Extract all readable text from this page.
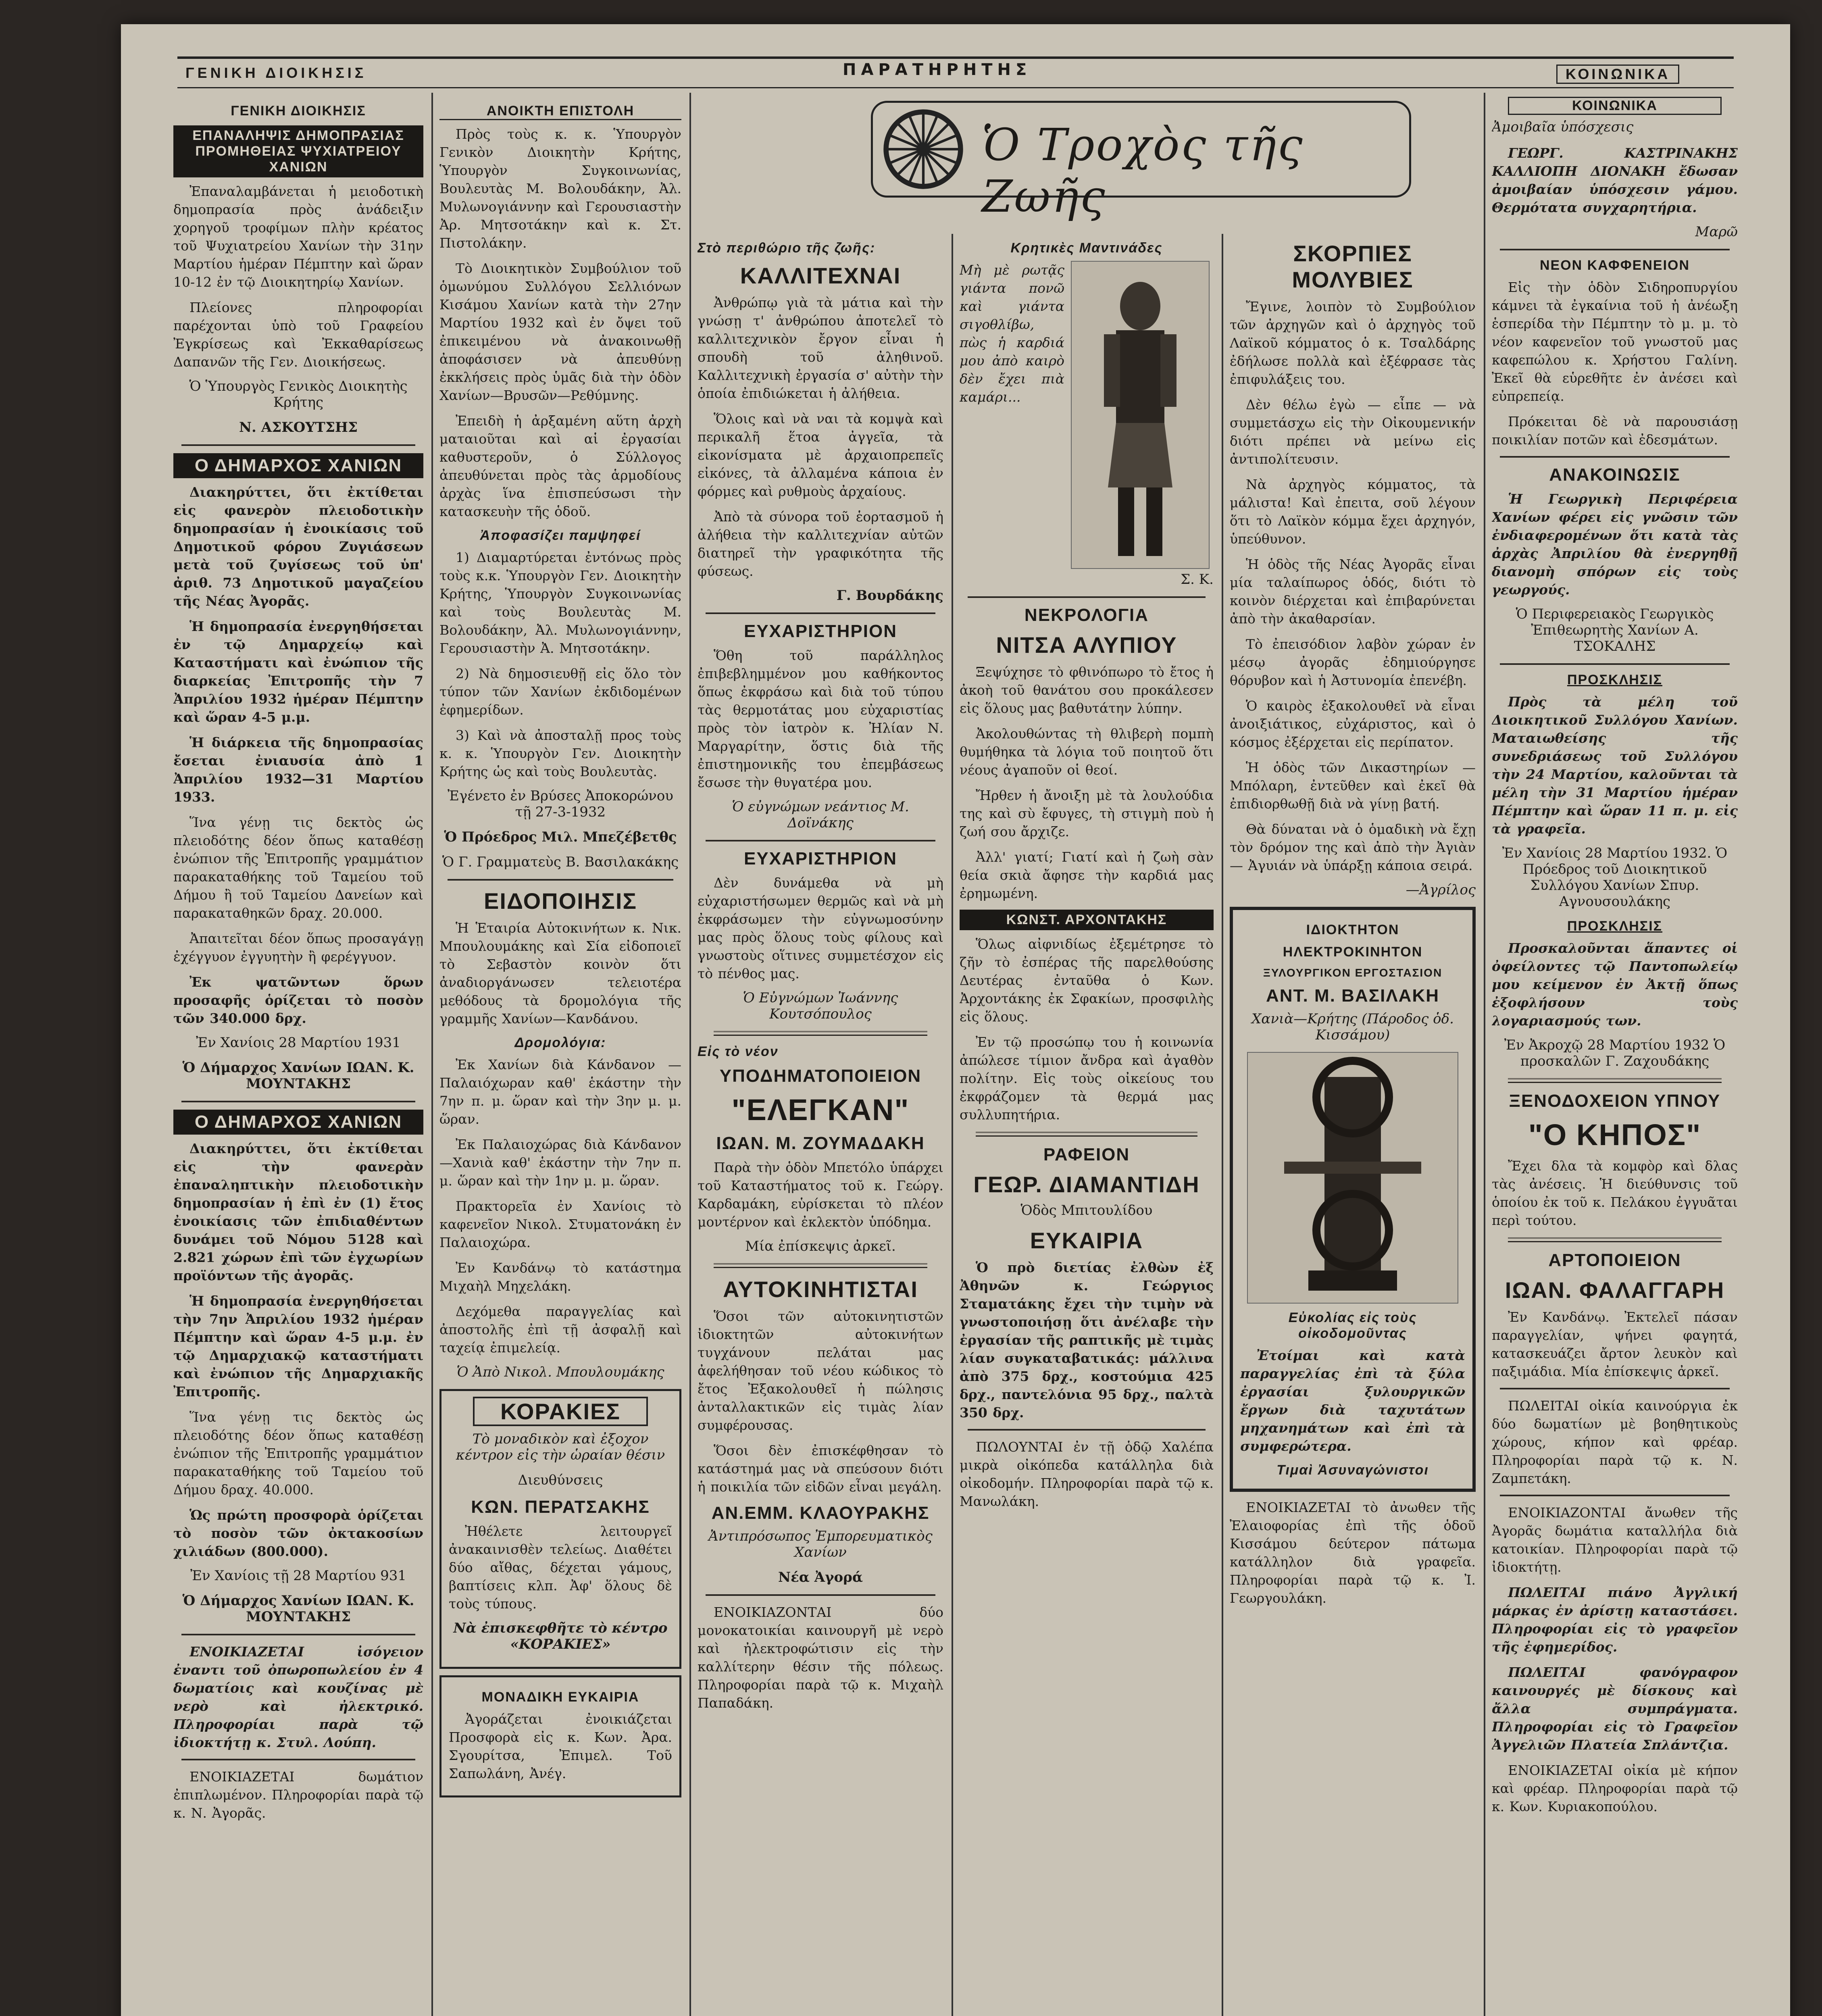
ΓΕΝΙΚΗ ΔΙΟΙΚΗΣΙΣ	ΠΑΡΑΤΗΡΗΤΗΣ	ΚΟΙΝΩΝΙΚΑ
Ὁ Τροχὸς τῆς Ζωῆς
ΓΕΝΙΚΗ ΔΙΟΙΚΗΣΙΣ
ΕΠΑΝΑΛΗΨΙΣ ΔΗΜΟΠΡΑΣΙΑΣ ΠΡΟΜΗΘΕΙΑΣ ΨΥΧΙΑΤΡΕΙΟΥ ΧΑΝΙΩΝ

Ἐπαναλαμβάνεται ἡ μειοδοτικὴ δημοπρασία πρὸς ἀνάδειξιν χορηγοῦ τροφίμων πλὴν κρέατος τοῦ Ψυχιατρείου Χανίων τὴν 31ην Μαρτίου ἡμέραν Πέμπτην καὶ ὥραν 10-12 ἐν τῷ Διοικητηρίῳ Χανίων.

Πλείονες πληροφορίαι παρέχονται ὑπὸ τοῦ Γραφείου Ἐγκρίσεως καὶ Ἐκκαθαρίσεως Δαπανῶν τῆς Γεν. Διοικήσεως.

Ὁ Ὑπουργὸς Γενικὸς Διοικητὴς Κρήτης
Ν. ΑΣΚΟΥΤΣΗΣ
Ο ΔΗΜΑΡΧΟΣ ΧΑΝΙΩΝ

Διακηρύττει, ὅτι ἐκτίθεται εἰς φανερὸν πλειοδοτικὴν δημοπρασίαν ἡ ἐνοικίασις τοῦ Δημοτικοῦ φόρου Ζυγιάσεων μετὰ τοῦ ζυγίσεως τοῦ ὑπ' ἀριθ. 73 Δημοτικοῦ μαγαζείου τῆς Νέας Ἀγορᾶς.

Ἡ δημοπρασία ἐνεργηθήσεται ἐν τῷ Δημαρχείῳ καὶ Καταστήματι καὶ ἐνώπιον τῆς διαρκείας Ἐπιτροπῆς τὴν 7 Ἀπριλίου 1932 ἡμέραν Πέμπτην καὶ ὥραν 4-5 μ.μ.

Ἡ διάρκεια τῆς δημοπρασίας ἔσεται ἐνιαυσία ἀπὸ 1 Ἀπριλίου 1932—31 Μαρτίου 1933.

Ἵνα γένῃ τις δεκτὸς ὡς πλειοδότης δέον ὅπως καταθέσῃ ἐνώπιον τῆς Ἐπιτροπῆς γραμμάτιον παρακαταθήκης τοῦ Ταμείου τοῦ Δήμου ἢ τοῦ Ταμείου Δανείων καὶ παρακαταθηκῶν δραχ. 20.000.

Ἀπαιτεῖται δέον ὅπως προσαγάγῃ ἐχέγγυον ἐγγυητὴν ἢ φερέγγυον.

Ἐκ ψατῶντων ὅρων προσαφῆς ὁρίζεται τὸ ποσὸν τῶν 340.000 δρχ.

Ἐν Χανίοις 28 Μαρτίου 1931
Ὁ Δήμαρχος Χανίων ΙΩΑΝ. Κ. ΜΟΥΝΤΑΚΗΣ
Ο ΔΗΜΑΡΧΟΣ ΧΑΝΙΩΝ

Διακηρύττει, ὅτι ἐκτίθεται εἰς τὴν φανερὰν ἐπαναληπτικὴν πλειοδοτικὴν δημοπρασίαν ἡ ἐπὶ ἐν (1) ἔτος ἐνοικίασις τῶν ἐπιδιαθέντων δυνάμει τοῦ Νόμου 5128 καὶ 2.821 χώρων ἐπὶ τῶν ἐγχωρίων προϊόντων τῆς ἀγορᾶς.

Ἡ δημοπρασία ἐνεργηθήσεται τὴν 7ην Ἀπριλίου 1932 ἡμέραν Πέμπτην καὶ ὥραν 4-5 μ.μ. ἐν τῷ Δημαρχιακῷ καταστήματι καὶ ἐνώπιον τῆς Δημαρχιακῆς Ἐπιτροπῆς.

Ἵνα γένῃ τις δεκτὸς ὡς πλειοδότης δέον ὅπως καταθέσῃ ἐνώπιον τῆς Ἐπιτροπῆς γραμμάτιον παρακαταθήκης τοῦ Ταμείου τοῦ Δήμου δραχ. 40.000.

Ὡς πρώτη προσφορὰ ὁρίζεται τὸ ποσὸν τῶν ὀκτακοσίων χιλιάδων (800.000).

Ἐν Χανίοις τῇ 28 Μαρτίου 931
Ὁ Δήμαρχος Χανίων ΙΩΑΝ. Κ. ΜΟΥΝΤΑΚΗΣ

ΕΝΟΙΚΙΑΖΕΤΑΙ ἰσόγειον ἐναντι τοῦ ὀπωροπωλείου ἐν 4 δωματίοις καὶ κουζίνας μὲ νερὸ καὶ ἠλεκτρικό. Πληροφορίαι παρὰ τῷ ἰδιοκτήτῃ κ. Στυλ. Λούπη.

ΕΝΟΙΚΙΑΖΕΤΑΙ δωμάτιον ἐπιπλωμένον. Πληροφορίαι παρὰ τῷ κ. Ν. Ἀγορᾶς.

ΑΝΟΙΚΤΗ ΕΠΙΣΤΟΛΗ

Πρὸς τοὺς κ. κ. Ὑπουργὸν Γενικὸν Διοικητὴν Κρήτης, Ὑπουργὸν Συγκοινωνίας, Βουλευτὰς Μ. Βολουδάκην, Ἀλ. Μυλωνογιάννην καὶ Γερουσιαστὴν Ἀρ. Μητσοτάκην καὶ κ. Στ. Πιστολάκην.

Τὸ Διοικητικὸν Συμβούλιον τοῦ ὁμωνύμου Συλλόγου Σελλιόνων Κισάμου Χανίων κατὰ τὴν 27ην Μαρτίου 1932 καὶ ἐν ὄψει τοῦ ἐπικειμένου νὰ ἀνακοινωθῇ ἀποφάσισεν νὰ ἀπευθύνῃ ἐκκλήσεις πρὸς ὑμᾶς διὰ τὴν ὁδὸν Χανίων—Βρυσῶν—Ρεθύμνης.

Ἐπειδὴ ἡ ἀρξαμένη αὕτη ἀρχὴ ματαιοῦται καὶ αἱ ἐργασίαι καθυστεροῦν, ὁ Σύλλογος ἀπευθύνεται πρὸς τὰς ἁρμοδίους ἀρχὰς ἵνα ἐπισπεύσωσι τὴν κατασκευὴν τῆς ὁδοῦ.

Ἀποφασίζει παμψηφεί

1) Διαμαρτύρεται ἐντόνως πρὸς τοὺς κ.κ. Ὑπουργὸν Γεν. Διοικητὴν Κρήτης, Ὑπουργὸν Συγκοινωνίας καὶ τοὺς Βουλευτὰς Μ. Βολουδάκην, Ἀλ. Μυλωνογιάννην, Γερουσιαστὴν Ἀ. Μητσοτάκην.

2) Νὰ δημοσιευθῇ εἰς ὅλο τὸν τύπον τῶν Χανίων ἐκδιδομένων ἐφημερίδων.

3) Καὶ νὰ ἀποσταλῇ προς τοὺς κ. κ. Ὑπουργὸν Γεν. Διοικητὴν Κρήτης ὡς καὶ τοὺς Βουλευτὰς.

Ἐγένετο ἐν Βρύσες Ἀποκορώνου τῇ 27-3-1932
Ὁ Πρόεδρος Μιλ. Μπεζέβετθς
Ὁ Γ. Γραμματεὺς Β. Βασιλακάκης
ΕΙΔΟΠΟΙΗΣΙΣ

Ἡ Ἑταιρία Αὐτοκινήτων κ. Νικ. Μπουλουμάκης καὶ Σία εἰδοποιεῖ τὸ Σεβαστὸν κοινὸν ὅτι ἀναδιοργάνωσεν τελειοτέρα μεθόδους τὰ δρομολόγια τῆς γραμμῆς Χανίων—Κανδάνου.

Δρομολόγια:

Ἐκ Χανίων διὰ Κάνδανον — Παλαιόχωραν καθ' ἑκάστην τὴν 7ην π. μ. ὥραν καὶ τὴν 3ην μ. μ. ὥραν.

Ἐκ Παλαιοχώρας διὰ Κάνδανον—Χανιὰ καθ' ἑκάστην τὴν 7ην π. μ. ὥραν καὶ τὴν 1ην μ. μ. ὥραν.

Πρακτορεῖα ἐν Χανίοις τὸ καφενεῖον Νικολ. Στυματονάκη ἐν Παλαιοχώρα.

Ἐν Κανδάνῳ τὸ κατάστημα Μιχαὴλ Μηχελάκη.

Δεχόμεθα παραγγελίας καὶ ἀποστολῆς ἐπὶ τῇ ἀσφαλῇ καὶ ταχείᾳ ἐπιμελείᾳ.

Ὁ Ἀπὸ Νικολ. Μπουλουμάκης
ΚΟΡΑΚΙΕΣ
Τὸ μοναδικὸν καὶ ἐξοχον κέντρον εἰς τὴν ὡραίαν θέσιν
Διευθύνσεις
ΚΩΝ. ΠΕΡΑΤΣΑΚΗΣ

Ἠθέλετε λειτουργεῖ ἀνακαινισθὲν τελείως. Διαθέτει δύο αἴθας, δέχεται γάμους, βαπτίσεις κλπ. Ἀφ' ὅλους δὲ τοὺς τύπους.

Νὰ ἐπισκεφθῆτε τὸ κέντρο «ΚΟΡΑΚΙΕΣ»
ΜΟΝΑΔΙΚΗ ΕΥΚΑΙΡΙΑ

Ἀγοράζεται ἐνοικιάζεται Προσφορὰ εἰς κ. Κων. Ἀρα. Σγουρίτσα, Ἐπιμελ. Τοῦ Σαπωλάνη, Ἀνέγ.

Στὸ περιθώριο τῆς ζωῆς:
ΚΑΛΛΙΤΕΧΝΑΙ

Ἀνθρώπῳ γιὰ τὰ μάτια καὶ τὴν γνώσῃ τ' ἀνθρώπου ἀποτελεῖ τὸ καλλιτεχνικὸν ἔργον εἶναι ἡ σπουδὴ τοῦ ἀληθινοῦ. Καλλιτεχνικὴ ἐργασία σ' αὐτὴν τὴν ὁποία ἐπιδιώκεται ἡ ἀλήθεια.

Ὅλοις καὶ νὰ ναι τὰ κομψὰ καὶ περικαλῆ ἕτοα ἀγγεῖα, τὰ εἰκονίσματα μὲ ἀρχαιοπρεπεῖς εἰκόνες, τὰ ἀλλαμένα κάποια ἐν φόρμες καὶ ρυθμοὺς ἀρχαίους.

Ἀπὸ τὰ σύνορα τοῦ ἑορτασμοῦ ἡ ἀλήθεια τὴν καλλιτεχνίαν αὐτῶν διατηρεῖ τὴν γραφικότητα τῆς φύσεως.

Γ. Βουρδάκης
ΕΥΧΑΡΙΣΤΗΡΙΟΝ

Ὅθη τοῦ παράλληλος ἐπιβεβλημμένον μου καθήκοντος ὅπως ἐκφράσω καὶ διὰ τοῦ τύπου τὰς θερμοτάτας μου εὐχαριστίας πρὸς τὸν ἰατρὸν κ. Ἠλίαν Ν. Μαργαρίτην, ὅστις διὰ τῆς ἐπιστημονικῆς του ἐπεμβάσεως ἔσωσε τὴν θυγατέρα μου.

Ὁ εὐγνώμων νεάντιος Μ. Δοϊνάκης
ΕΥΧΑΡΙΣΤΗΡΙΟΝ

Δὲν δυνάμεθα νὰ μὴ εὐχαριστήσωμεν θερμῶς καὶ νὰ μὴ ἐκφράσωμεν τὴν εὐγνωμοσύνην μας πρὸς ὅλους τοὺς φίλους καὶ γνωστοὺς οἵτινες συμμετέσχον εἰς τὸ πένθος μας.

Ὁ Εὐγνώμων Ἰωάννης Κουτσόπουλος
Εἰς τὸ νέον
ΥΠΟΔΗΜΑΤΟΠΟΙΕΙΟΝ
"ΕΛΕΓΚΑΝ"
ΙΩΑΝ. Μ. ΖΟΥΜΑΔΑΚΗ

Παρὰ τὴν ὁδὸν Μπετόλο ὑπάρχει τοῦ Καταστήματος τοῦ κ. Γεώργ. Καρδαμάκη, εὑρίσκεται τὸ πλέον μοντέρνον καὶ ἐκλεκτὸν ὑπόδημα.

Μία ἐπίσκεψις ἀρκεῖ.
ΑΥΤΟΚΙΝΗΤΙΣΤΑΙ

Ὅσοι τῶν αὐτοκινητιστῶν ἰδιοκτητῶν αὐτοκινήτων τυγχάνουν πελάται μας ἀφελήθησαν τοῦ νέου κώδικος τὸ ἔτος Ἐξακολουθεῖ ἡ πώλησις ἀνταλλακτικῶν εἰς τιμὰς λίαν συμφέρουσας.

Ὅσοι δὲν ἐπισκέφθησαν τὸ κατάστημά μας νὰ σπεύσουν διότι ἡ ποικιλία τῶν εἰδῶν εἶναι μεγάλη.

ΑΝ.ΕΜΜ. ΚΛΑΟΥΡΑΚΗΣ
Ἀντιπρόσωπος Ἐμπορευματικὸς Χανίων
Νέα Ἀγορά

ΕΝΟΙΚΙΑΖΟΝΤΑΙ δύο μονοκατοικίαι καινουργῆ μὲ νερὸ καὶ ἠλεκτροφώτισιν εἰς τὴν καλλίτερην θέσιν τῆς πόλεως. Πληροφορίαι παρὰ τῷ κ. Μιχαὴλ Παπαδάκη.

Κρητικὲς Μαντινάδες

Μὴ μὲ ρωτᾷς γιάντα πονῶ καὶ γιάντα σιγοθλίβω, πὼς ἡ καρδιά μου ἀπὸ καιρὸ δὲν ἔχει πιὰ καμάρι...

Σ. Κ.
ΝΕΚΡΟΛΟΓΙΑ
ΝΙΤΣΑ ΑΛΥΠΙΟΥ

Ξεψύχησε τὸ φθινόπωρο τὸ ἔτος ἡ ἀκοὴ τοῦ θανάτου σου προκάλεσεν εἰς ὅλους μας βαθυτάτην λύπην.

Ἀκολουθώντας τὴ θλιβερὴ πομπὴ θυμήθηκα τὰ λόγια τοῦ ποιητοῦ ὅτι νέους ἀγαποῦν οἱ θεοί.

Ἤρθεν ἡ ἄνοιξη μὲ τὰ λουλούδια της καὶ σὺ ἔφυγες, τὴ στιγμὴ ποὺ ἡ ζωή σου ἄρχιζε.

Ἀλλ' γιατί; Γιατί καὶ ἡ ζωὴ σὰν θεία σκιὰ ἄφησε τὴν καρδιά μας ἐρημωμένη.

ΚΩΝΣΤ. ΑΡΧΟΝΤΑΚΗΣ

Ὅλως αἰφνιδίως ἐξεμέτρησε τὸ ζῆν τὸ ἐσπέρας τῆς παρελθούσης Δευτέρας ἐνταῦθα ὁ Κων. Ἀρχοντάκης ἐκ Σφακίων, προσφιλὴς εἰς ὅλους.

Ἐν τῷ προσώπῳ του ἡ κοινωνία ἀπώλεσε τίμιον ἄνδρα καὶ ἀγαθὸν πολίτην. Εἰς τοὺς οἰκείους του ἐκφράζομεν τὰ θερμά μας συλλυπητήρια.

ΡΑΦΕΙΟΝ
ΓΕΩΡ. ΔΙΑΜΑΝΤΙΔΗ
Ὁδὸς Μπιτουλίδου
ΕΥΚΑΙΡΙΑ

Ὁ πρὸ διετίας ἐλθὼν ἐξ Ἀθηνῶν κ. Γεώργιος Σταματάκης ἔχει τὴν τιμὴν νὰ γνωστοποιήσῃ ὅτι ἀνέλαβε τὴν ἐργασίαν τῆς ραπτικῆς μὲ τιμὰς λίαν συγκαταβατικάς: μάλλινα ἀπὸ 375 δρχ., κοστούμια 425 δρχ., παντελόνια 95 δρχ., παλτὰ 350 δρχ.

ΠΩΛΟΥΝΤΑΙ ἐν τῇ ὁδῷ Χαλέπα μικρὰ οἰκόπεδα κατάλληλα διὰ οἰκοδομήν. Πληροφορίαι παρὰ τῷ κ. Μανωλάκη.

ΣΚΟΡΠΙΕΣ ΜΟΛΥΒΙΕΣ

Ἔγινε, λοιπὸν τὸ Συμβούλιον τῶν ἀρχηγῶν καὶ ὁ ἀρχηγὸς τοῦ Λαϊκοῦ κόμματος ὁ κ. Τσαλδάρης ἐδήλωσε πολλὰ καὶ ἐξέφρασε τὰς ἐπιφυλάξεις του.

Δὲν θέλω ἐγὼ — εἶπε — νὰ συμμετάσχω εἰς τὴν Οἰκουμενικήν διότι πρέπει νὰ μείνω εἰς ἀντιπολίτευσιν.

Νὰ ἀρχηγὸς κόμματος, τὰ μάλιστα! Καὶ ἐπειτα, σοῦ λέγουν ὅτι τὸ Λαϊκὸν κόμμα ἔχει ἀρχηγόν, ὑπεύθυνον.

Ἡ ὁδὸς τῆς Νέας Ἀγορᾶς εἶναι μία ταλαίπωρος ὁδός, διότι τὸ κοινὸν διέρχεται καὶ ἐπιβαρύνεται ἀπὸ τὴν ἀκαθαρσίαν.

Τὸ ἐπεισόδιον λαβὸν χώραν ἐν μέσῳ ἀγορᾶς ἐδημιούργησε θόρυβον καὶ ἡ Ἀστυνομία ἐπενέβη.

Ὁ καιρὸς ἐξακολουθεῖ νὰ εἶναι ἀνοιξιάτικος, εὐχάριστος, καὶ ὁ κόσμος ἐξέρχεται εἰς περίπατον.

Ἡ ὁδὸς τῶν Δικαστηρίων — Μπόλαρη, ἐντεῦθεν καὶ ἐκεῖ θὰ ἐπιδιορθωθῇ διὰ νὰ γίνῃ βατή.

Θὰ δύναται νὰ ὁ ὁμαδικὴ νὰ ἔχῃ τὸν δρόμον της καὶ ἀπὸ τὴν Ἀγιὰν — Ἀγυιάν νὰ ὑπάρξῃ κάποια σειρά.

—Ἀγρίλος
ΙΔΙΟΚΤΗΤΟΝ
ΗΛΕΚΤΡΟΚΙΝΗΤΟΝ
ΞΥΛΟΥΡΓΙΚΟΝ ΕΡΓΟΣΤΑΣΙΟΝ
ΑΝΤ. Μ. ΒΑΣΙΛΑΚΗ
Χανιὰ—Κρήτης (Πάροδος ὁδ. Κισσάμου)
Εὐκολίας εἰς τοὺς οἰκοδομοῦντας

Ἐτοίμαι καὶ κατὰ παραγγελίας ἐπὶ τὰ ξύλα ἐργασίαι ξυλουργικῶν ἔργων διὰ ταχυτάτων μηχανημάτων καὶ ἐπὶ τὰ συμφερώτερα.

Τιμαὶ Ἀσυναγώνιστοι

ΕΝΟΙΚΙΑΖΕΤΑΙ τὸ ἀνωθεν τῆς Ἐλαιοφορίας ἐπὶ τῆς ὁδοῦ Κισσάμου δεύτερον πάτωμα κατάλληλον διὰ γραφεῖα. Πληροφορίαι παρὰ τῷ κ. Ἰ. Γεωργουλάκη.

ΚΟΙΝΩΝΙΚΑ
Ἀμοιβαῖα ὑπόσχεσις

ΓΕΩΡΓ. ΚΑΣΤΡΙΝΑΚΗΣ ΚΑΛΛΙΟΠΗ ΔΙΟΝΑΚΗ ἔδωσαν ἀμοιβαίαν ὑπόσχεσιν γάμου. Θερμότατα συγχαρητήρια.

Μαρῶ
ΝΕΟΝ ΚΑΦΦΕΝΕΙΟΝ

Εἰς τὴν ὁδὸν Σιδηροπυργίου κάμνει τὰ ἐγκαίνια τοῦ ἡ ἀνέωξη ἑσπερίδα τὴν Πέμπτην τὸ μ. μ. τὸ νέον καφενεῖον τοῦ γνωστοῦ μας καφεπώλου κ. Χρήστου Γαλίνη. Ἐκεῖ θὰ εὑρεθῆτε ἐν ἀνέσει καὶ εὐπρεπείᾳ.

Πρόκειται δὲ νὰ παρουσιάσῃ ποικιλίαν ποτῶν καὶ ἐδεσμάτων.

ΑΝΑΚΟΙΝΩΣΙΣ

Ἡ Γεωργικὴ Περιφέρεια Χανίων φέρει εἰς γνῶσιν τῶν ἐνδιαφερομένων ὅτι κατὰ τὰς ἀρχὰς Ἀπριλίου θὰ ἐνεργηθῇ διανομὴ σπόρων εἰς τοὺς γεωργούς.

Ὁ Περιφερειακὸς Γεωργικὸς Ἐπιθεωρητὴς Χανίων Α. ΤΣΟΚΑΛΗΣ
ΠΡΟΣΚΛΗΣΙΣ

Πρὸς τὰ μέλη τοῦ Διοικητικοῦ Συλλόγου Χανίων. Ματαιωθείσης τῆς συνεδριάσεως τοῦ Συλλόγου τὴν 24 Μαρτίου, καλοῦνται τὰ μέλη τὴν 31 Μαρτίου ἡμέραν Πέμπτην καὶ ὥραν 11 π. μ. εἰς τὰ γραφεῖα.

Ἐν Χανίοις 28 Μαρτίου 1932. Ὁ Πρόεδρος τοῦ Διοικητικοῦ Συλλόγου Χανίων Σπυρ. Αγνουσουλάκης
ΠΡΟΣΚΛΗΣΙΣ

Προσκαλοῦνται ἅπαντες οἱ ὀφείλοντες τῷ Παντοπωλείῳ μου κείμενον ἐν Ἀκτῇ ὅπως ἐξοφλήσουν τοὺς λογαριασμούς των.

Ἐν Ἀκροχῷ 28 Μαρτίου 1932 Ὁ προσκαλῶν Γ. Ζαχουδάκης
ΞΕΝΟΔΟΧΕΙΟΝ ΥΠΝΟΥ
"Ο ΚΗΠΟΣ"

Ἔχει δλα τὰ κομφὸρ καὶ δλας τὰς ἀνέσεις. Ἡ διεύθυνσις τοῦ ὁποίου ἐκ τοῦ κ. Πελάκου ἐγγυᾶται περὶ τούτου.

ΑΡΤΟΠΟΙΕΙΟΝ
ΙΩΑΝ. ΦΑΛΑΓΓΑΡΗ

Ἐν Κανδάνῳ. Ἐκτελεῖ πάσαν παραγγελίαν, ψήνει φαγητά, κατασκευάζει ἄρτον λευκὸν καὶ παξιμάδια. Μία ἐπίσκεψις ἀρκεῖ.

ΠΩΛΕΙΤΑΙ οἰκία καινούργια ἐκ δύο δωματίων μὲ βοηθητικοὺς χώρους, κήπον καὶ φρέαρ. Πληροφορίαι παρὰ τῷ κ. Ν. Ζαμπετάκη.

ΕΝΟΙΚΙΑΖΟΝΤΑΙ ἄνωθεν τῆς Ἀγορᾶς δωμάτια καταλλήλα διὰ κατοικίαν. Πληροφορίαι παρὰ τῷ ἰδιοκτήτῃ.

ΠΩΛΕΙΤΑΙ πιάνο Ἀγγλική μάρκας ἐν ἀρίστῃ καταστάσει. Πληροφορίαι εἰς τὸ γραφεῖον τῆς ἐφημερίδος.

ΠΩΛΕΙΤΑΙ φανόγραφον καινουργές μὲ δίσκους καὶ ἄλλα συμπράγματα. Πληροφορίαι εἰς τὸ Γραφεῖον Ἀγγελιῶν Πλατεία Σπλάντζια.

ΕΝΟΙΚΙΑΖΕΤΑΙ οἰκία μὲ κήπον καὶ φρέαρ. Πληροφορίαι παρὰ τῷ κ. Κων. Κυριακοπούλου.
